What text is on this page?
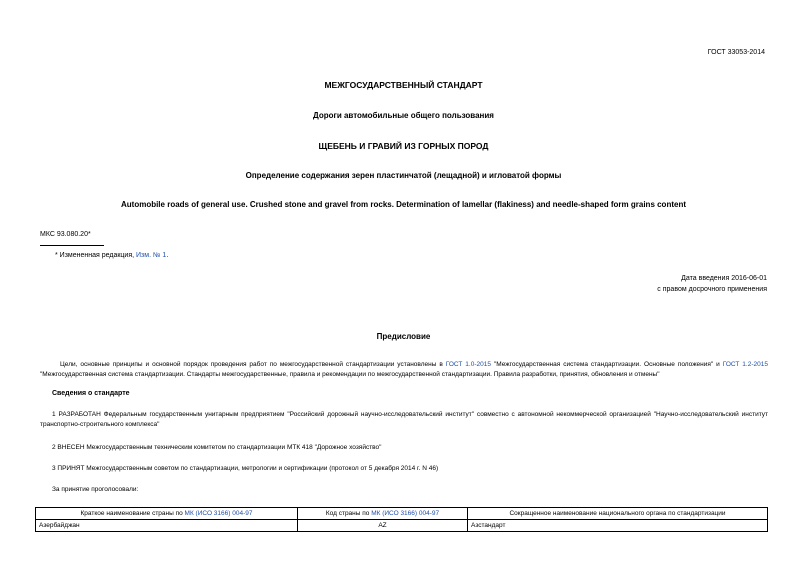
ГОСТ 33053-2014
МЕЖГОСУДАРСТВЕННЫЙ СТАНДАРТ
Дороги автомобильные общего пользования
ЩЕБЕНЬ И ГРАВИЙ ИЗ ГОРНЫХ ПОРОД
Определение содержания зерен пластинчатой (лещадной) и игловатой формы
Automobile roads of general use. Crushed stone and gravel from rocks. Determination of lamellar (flakiness) and needle-shaped form grains content
МКС 93.080.20*
* Измененная редакция, Изм. № 1.
Дата введения 2016-06-01
с правом досрочного применения
Предисловие
Цели, основные принципы и основной порядок проведения работ по межгосударственной стандартизации установлены в ГОСТ 1.0-2015 "Межгосударственная система стандартизации. Основные положения" и ГОСТ 1.2-2015 "Межгосударственная система стандартизации. Стандарты межгосударственные, правила и рекомендации по межгосударственной стандартизации. Правила разработки, принятия, обновления и отмены"
Сведения о стандарте
1 РАЗРАБОТАН Федеральным государственным унитарным предприятием "Российский дорожный научно-исследовательский институт" совместно с автономной некоммерческой организацией "Научно-исследовательский институт транспортно-строительного комплекса"
2 ВНЕСЕН Межгосударственным техническим комитетом по стандартизации МТК 418 "Дорожное хозяйство"
3 ПРИНЯТ Межгосударственным советом по стандартизации, метрологии и сертификации (протокол от 5 декабря 2014 г. N 46)
За принятие проголосовали:
Краткое наименование страны по МК (ИСО 3166) 004-97	Код страны по МК (ИСО 3166) 004-97	Сокращенное наименование национального органа по стандартизации
Азербайджан	AZ	Азстандарт
